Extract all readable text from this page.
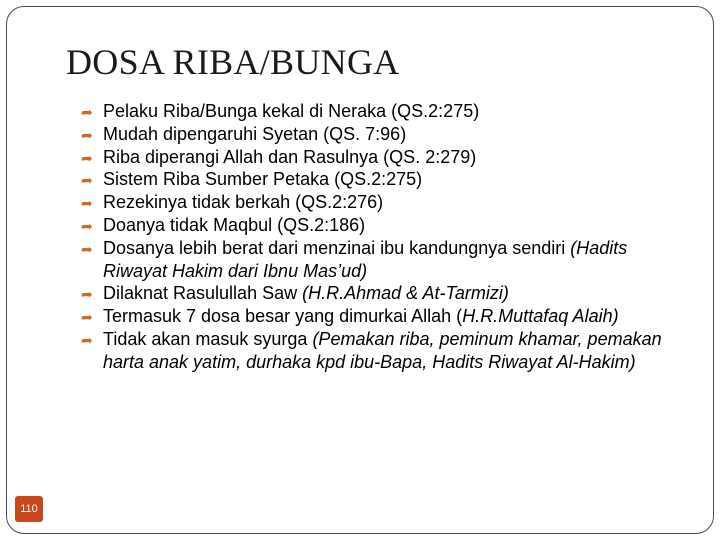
DOSA RIBA/BUNGA
➦ Pelaku Riba/Bunga kekal di Neraka (QS.2:275)
➦ Mudah dipengaruhi Syetan (QS. 7:96)
➦ Riba diperangi Allah dan Rasulnya (QS. 2:279)
➦ Sistem Riba Sumber Petaka (QS.2:275)
➦ Rezekinya tidak berkah (QS.2:276)
➦ Doanya tidak Maqbul (QS.2:186)
➦ Dosanya lebih berat dari menzinai ibu kandungnya sendiri (Hadits Riwayat Hakim dari Ibnu Mas’ud)
➦ Dilaknat Rasulullah Saw (H.R.Ahmad & At-Tarmizi)
➦ Termasuk 7 dosa besar yang dimurkai Allah (H.R.Muttafaq Alaih)
➦ Tidak akan masuk syurga (Pemakan riba, peminum khamar, pemakan harta anak yatim, durhaka kpd ibu-Bapa, Hadits Riwayat Al-Hakim)
110
